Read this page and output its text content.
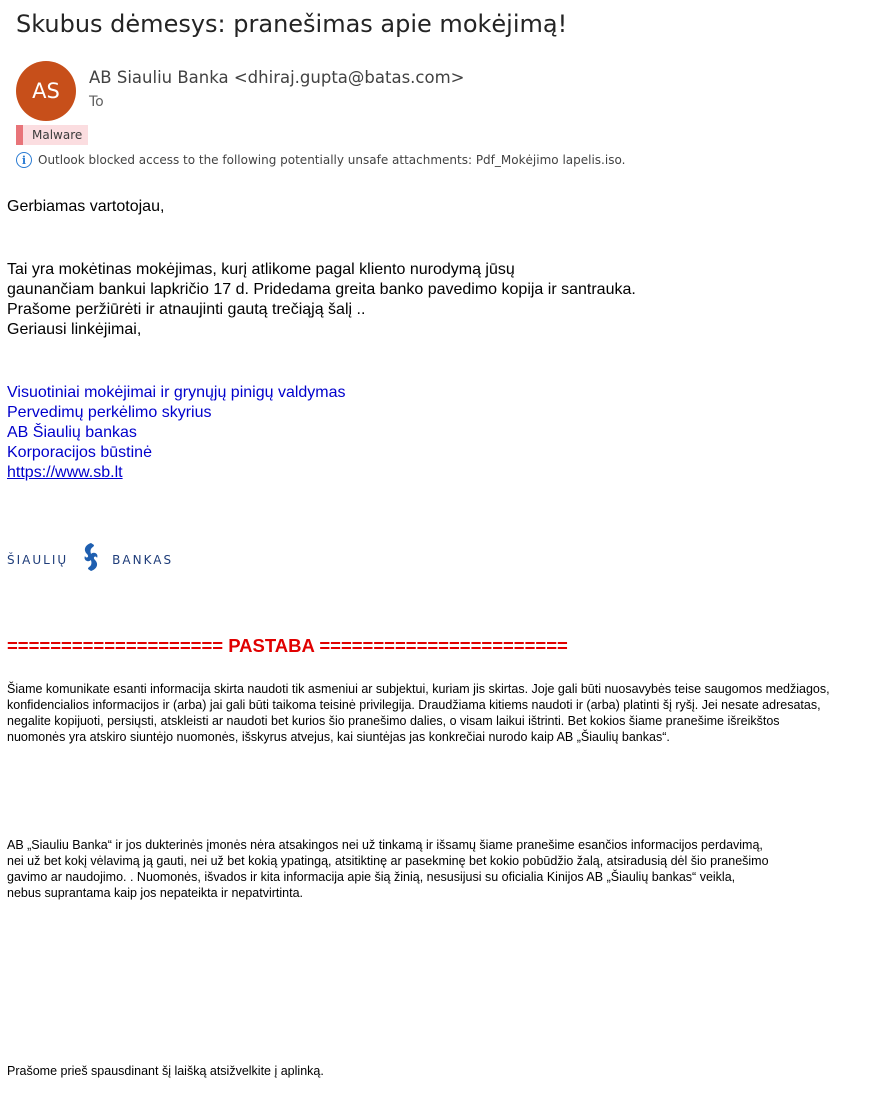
Skubus dėmesys: pranešimas apie mokėjimą!
AS
AB Siauliu Banka <dhiraj.gupta@batas.com>
To
Malware
i Outlook blocked access to the following potentially unsafe attachments: Pdf_Mokėjimo lapelis.iso.
Gerbiamas vartotojau,
Tai yra mokėtinas mokėjimas, kurį atlikome pagal kliento nurodymą jūsų
gaunančiam bankui lapkričio 17 d. Pridedama greita banko pavedimo kopija ir santrauka.
Prašome peržiūrėti ir atnaujinti gautą trečiąją šalį ..
Geriausi linkėjimai,
Visuotiniai mokėjimai ir grynųjų pinigų valdymas
Pervedimų perkėlimo skyrius
AB Šiaulių bankas
Korporacijos būstinė
https://www.sb.lt
ŠIAULIŲ	BANKAS
==================== PASTABA =======================
Šiame komunikate esanti informacija skirta naudoti tik asmeniui ar subjektui, kuriam jis skirtas. Joje gali būti nuosavybės teise saugomos medžiagos,
konfidencialios informacijos ir (arba) jai gali būti taikoma teisinė privilegija. Draudžiama kitiems naudoti ir (arba) platinti šį ryšį. Jei nesate adresatas,
negalite kopijuoti, persiųsti, atskleisti ar naudoti bet kurios šio pranešimo dalies, o visam laikui ištrinti. Bet kokios šiame pranešime išreikštos
nuomonės yra atskiro siuntėjo nuomonės, išskyrus atvejus, kai siuntėjas jas konkrečiai nurodo kaip AB „Šiaulių bankas“.
AB „Siauliu Banka“ ir jos dukterinės įmonės nėra atsakingos nei už tinkamą ir išsamų šiame pranešime esančios informacijos perdavimą,
nei už bet kokį vėlavimą ją gauti, nei už bet kokią ypatingą, atsitiktinę ar pasekminę bet kokio pobūdžio žalą, atsiradusią dėl šio pranešimo
gavimo ar naudojimo. . Nuomonės, išvados ir kita informacija apie šią žinią, nesusijusi su oficialia Kinijos AB „Šiaulių bankas“ veikla,
nebus suprantama kaip jos nepateikta ir nepatvirtinta.
Prašome prieš spausdinant šį laišką atsižvelkite į aplinką.
